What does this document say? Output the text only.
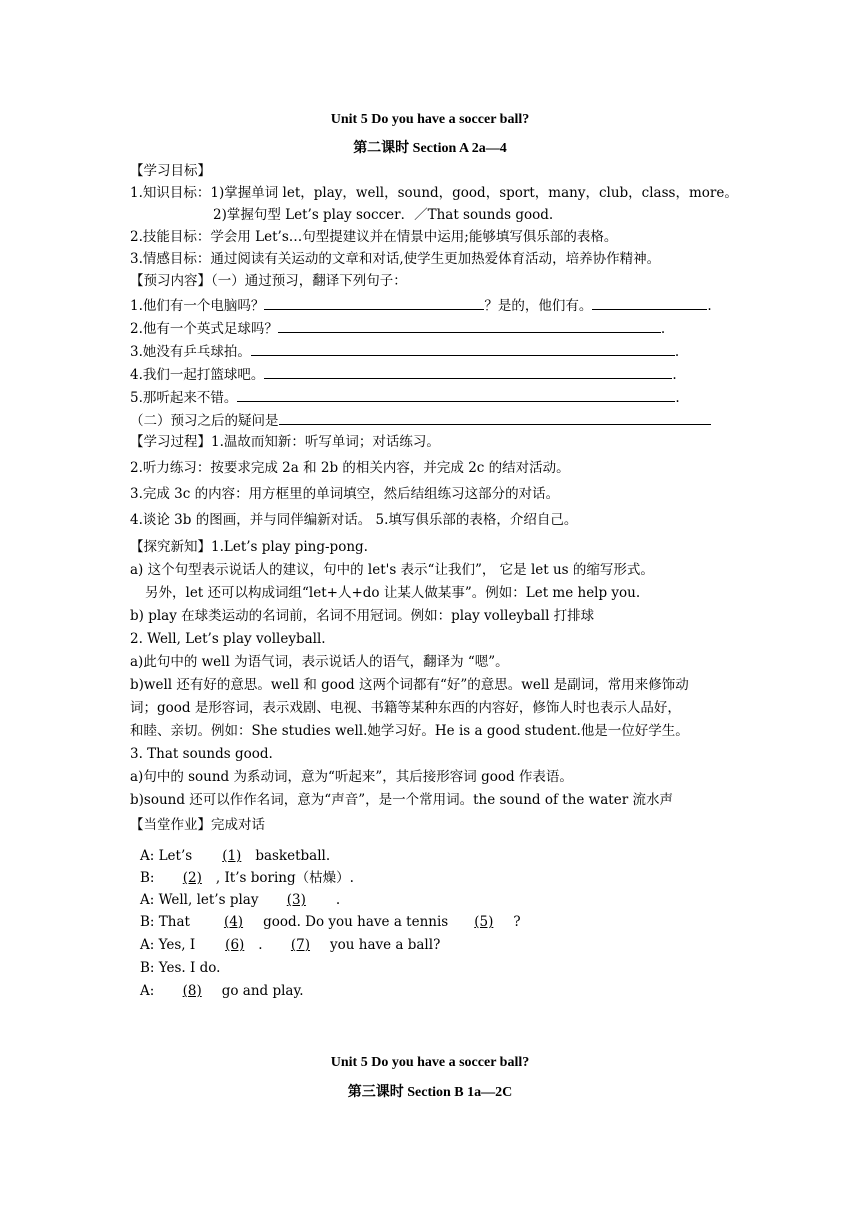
Unit 5 Do you have a soccer ball?
第二课时 Section A 2a—4
【学习目标】
1.知识目标：1)掌握单词 let，play，well，sound，good，sport，many，club，class，more。
2)掌握句型 Let’s play soccer．／That sounds good.
2.技能目标：学会用 Let’s…句型提建议并在情景中运用;能够填写俱乐部的表格。
3.情感目标：通过阅读有关运动的文章和对话,使学生更加热爱体育活动，培养协作精神。
【预习内容】（一）通过预习，翻译下列句子：
1.他们有一个电脑吗？	？是的，他们有。	.
2.他有一个英式足球吗？	.
3.她没有乒乓球拍。	.
4.我们一起打篮球吧。	.
5.那听起来不错。	.
（二）预习之后的疑问是
【学习过程】1.温故而知新：听写单词；对话练习。
2.听力练习：按要求完成 2a 和 2b 的相关内容，并完成 2c 的结对活动。
3.完成 3c 的内容：用方框里的单词填空，然后结组练习这部分的对话。
4.谈论 3b 的图画，并与同伴编新对话。 5.填写俱乐部的表格，介绍自己。
【探究新知】1.Let’s play ping-pong.
a) 这个句型表示说话人的建议，句中的 let's 表示“让我们”， 它是 let us 的缩写形式。
另外，let 还可以构成词组“let+人+do 让某人做某事”。例如：Let me help you.
b) play 在球类运动的名词前，名词不用冠词。例如：play volleyball 打排球
2. Well, Let’s play volleyball.
a)此句中的 well 为语气词，表示说话人的语气，翻译为 “嗯”。
b)well 还有好的意思。well 和 good 这两个词都有“好”的意思。well 是副词，常用来修饰动
词；good 是形容词，表示戏剧、电视、书籍等某种东西的内容好，修饰人时也表示人品好，
和睦、亲切。例如：She studies well.她学习好。He is a good student.他是一位好学生。
3. That sounds good.
a)句中的 sound 为系动词，意为“听起来”，其后接形容词 good 作表语。
b)sound 还可以作作名词，意为“声音”，是一个常用词。the sound of the water 流水声
【当堂作业】完成对话
A: Let’s (1) basketball.
B: (2) , It’s boring（枯燥）.
A: Well, let’s play (3) .
B: That	(4) good. Do you have a tennis (5) ?
A: Yes, I (6) . (7) you have a ball?
B: Yes. I do.
A: (8) go and play.
Unit 5 Do you have a soccer ball?
第三课时 Section B 1a—2C
